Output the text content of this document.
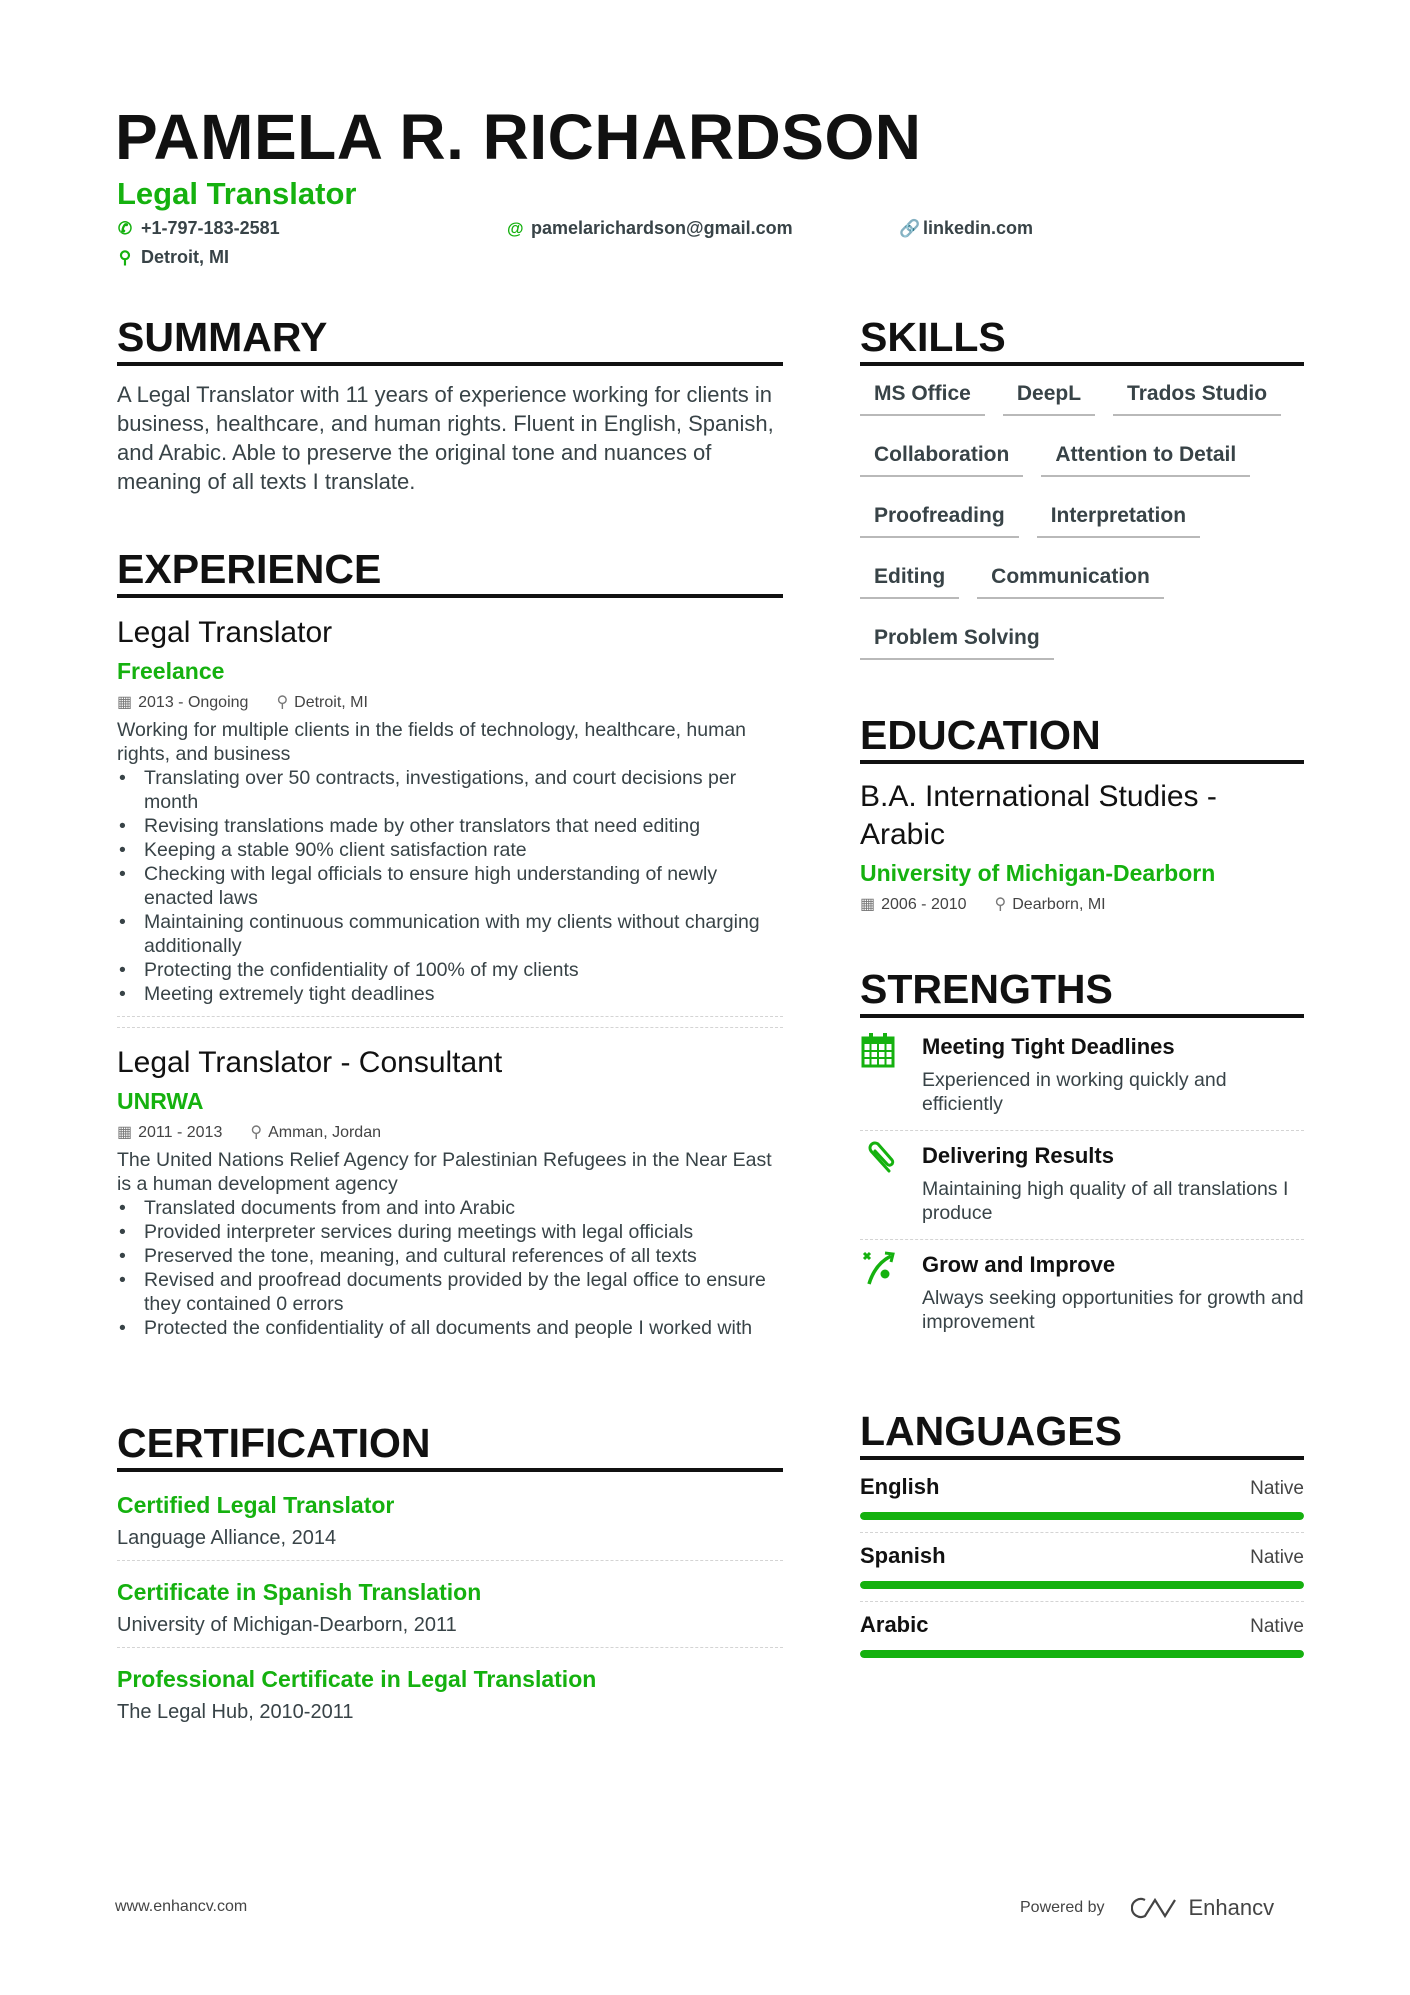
PAMELA R. RICHARDSON
Legal Translator
✆ +1-797-183-2581	@ pamelarichardson@gmail.com	🔗 linkedin.com
⚲ Detroit, MI
SUMMARY
A Legal Translator with 11 years of experience working for clients in business, healthcare, and human rights. Fluent in English, Spanish, and Arabic. Able to preserve the original tone and nuances of meaning of all texts I translate.
EXPERIENCE
Legal Translator
Freelance
▦ 2013 - Ongoing ⚲ Detroit, MI
Working for multiple clients in the fields of technology, healthcare, human rights, and business
• Translating over 50 contracts, investigations, and court decisions per month
• Revising translations made by other translators that need editing
• Keeping a stable 90% client satisfaction rate
• Checking with legal officials to ensure high understanding of newly enacted laws
• Maintaining continuous communication with my clients without charging additionally
• Protecting the confidentiality of 100% of my clients
• Meeting extremely tight deadlines
Legal Translator - Consultant
UNRWA
▦ 2011 - 2013 ⚲ Amman, Jordan
The United Nations Relief Agency for Palestinian Refugees in the Near East is a human development agency
• Translated documents from and into Arabic
• Provided interpreter services during meetings with legal officials
• Preserved the tone, meaning, and cultural references of all texts
• Revised and proofread documents provided by the legal office to ensure they contained 0 errors
• Protected the confidentiality of all documents and people I worked with
CERTIFICATION
Certified Legal Translator
Language Alliance, 2014
Certificate in Spanish Translation
University of Michigan-Dearborn, 2011
Professional Certificate in Legal Translation
The Legal Hub, 2010-2011
SKILLS
MS Office	DeepL	Trados Studio
Collaboration	Attention to Detail
Proofreading	Interpretation
Editing	Communication
Problem Solving
EDUCATION
B.A. International Studies - Arabic
University of Michigan-Dearborn
▦ 2006 - 2010 ⚲ Dearborn, MI
STRENGTHS
Meeting Tight Deadlines
Experienced in working quickly and efficiently
Delivering Results
Maintaining high quality of all translations I produce
Grow and Improve
Always seeking opportunities for growth and improvement
LANGUAGES
English	Native
Spanish	Native
Arabic	Native
www.enhancv.com	Powered by	Enhancv
